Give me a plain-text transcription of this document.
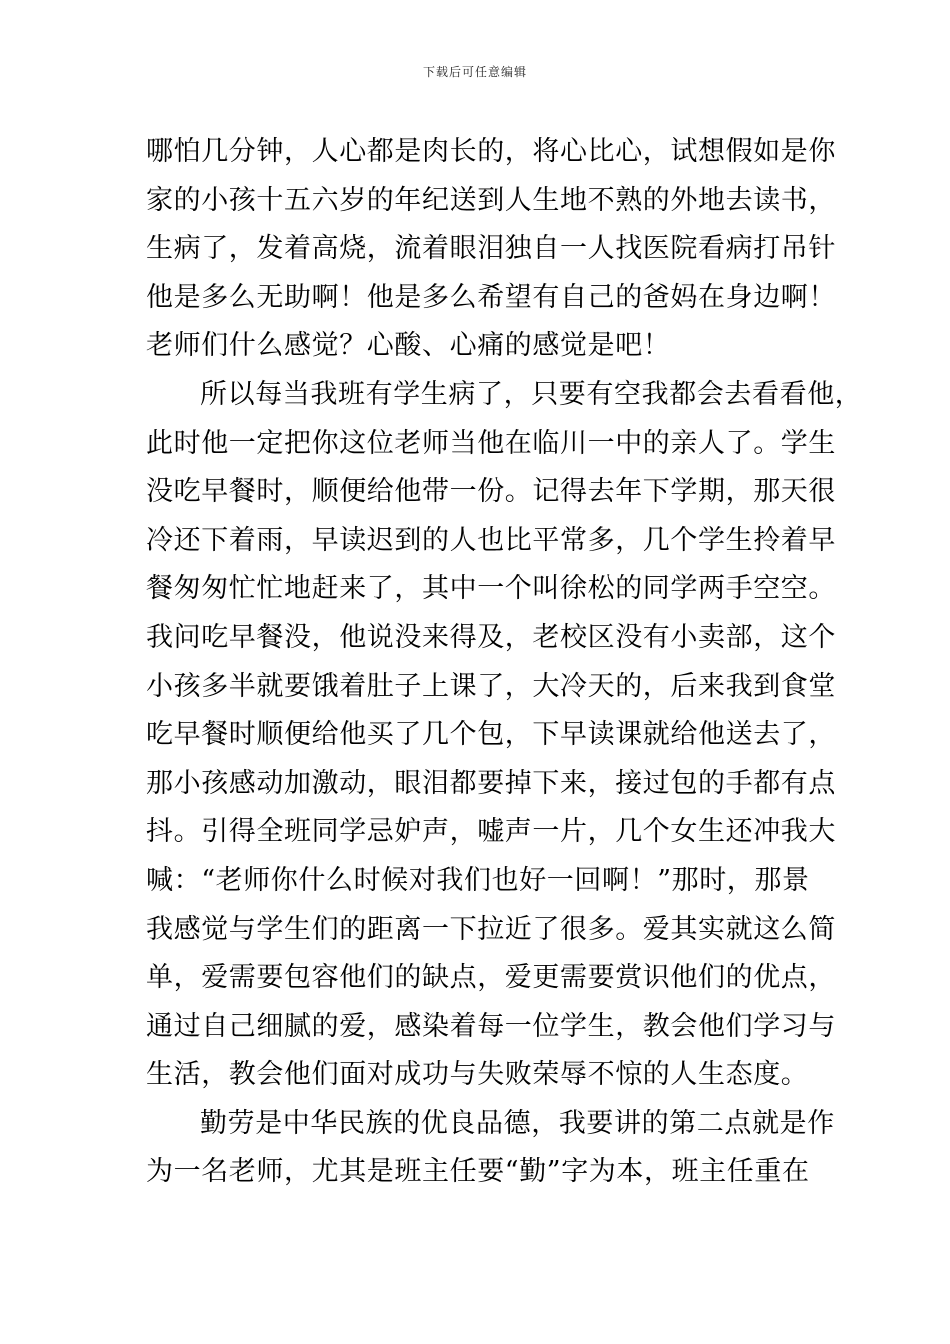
下载后可任意编辑
哪怕几分钟，人心都是肉长的，将心比心，试想假如是你
家的小孩十五六岁的年纪送到人生地不熟的外地去读书，
生病了，发着高烧，流着眼泪独自一人找医院看病打吊针
他是多么无助啊！他是多么希望有自己的爸妈在身边啊！
老师们什么感觉？心酸、心痛的感觉是吧！
所以每当我班有学生病了，只要有空我都会去看看他，
此时他一定把你这位老师当他在临川一中的亲人了。学生
没吃早餐时，顺便给他带一份。记得去年下学期，那天很
冷还下着雨，早读迟到的人也比平常多，几个学生拎着早
餐匆匆忙忙地赶来了，其中一个叫徐松的同学两手空空。
我问吃早餐没，他说没来得及，老校区没有小卖部，这个
小孩多半就要饿着肚子上课了，大冷天的，后来我到食堂
吃早餐时顺便给他买了几个包，下早读课就给他送去了，
那小孩感动加激动，眼泪都要掉下来，接过包的手都有点
抖。引得全班同学忌妒声，嘘声一片，几个女生还冲我大
喊：“老师你什么时候对我们也好一回啊！”那时，那景
我感觉与学生们的距离一下拉近了很多。爱其实就这么简
单，爱需要包容他们的缺点，爱更需要赏识他们的优点，
通过自己细腻的爱，感染着每一位学生，教会他们学习与
生活，教会他们面对成功与失败荣辱不惊的人生态度。
勤劳是中华民族的优良品德，我要讲的第二点就是作
为一名老师，尤其是班主任要“勤”字为本，班主任重在
